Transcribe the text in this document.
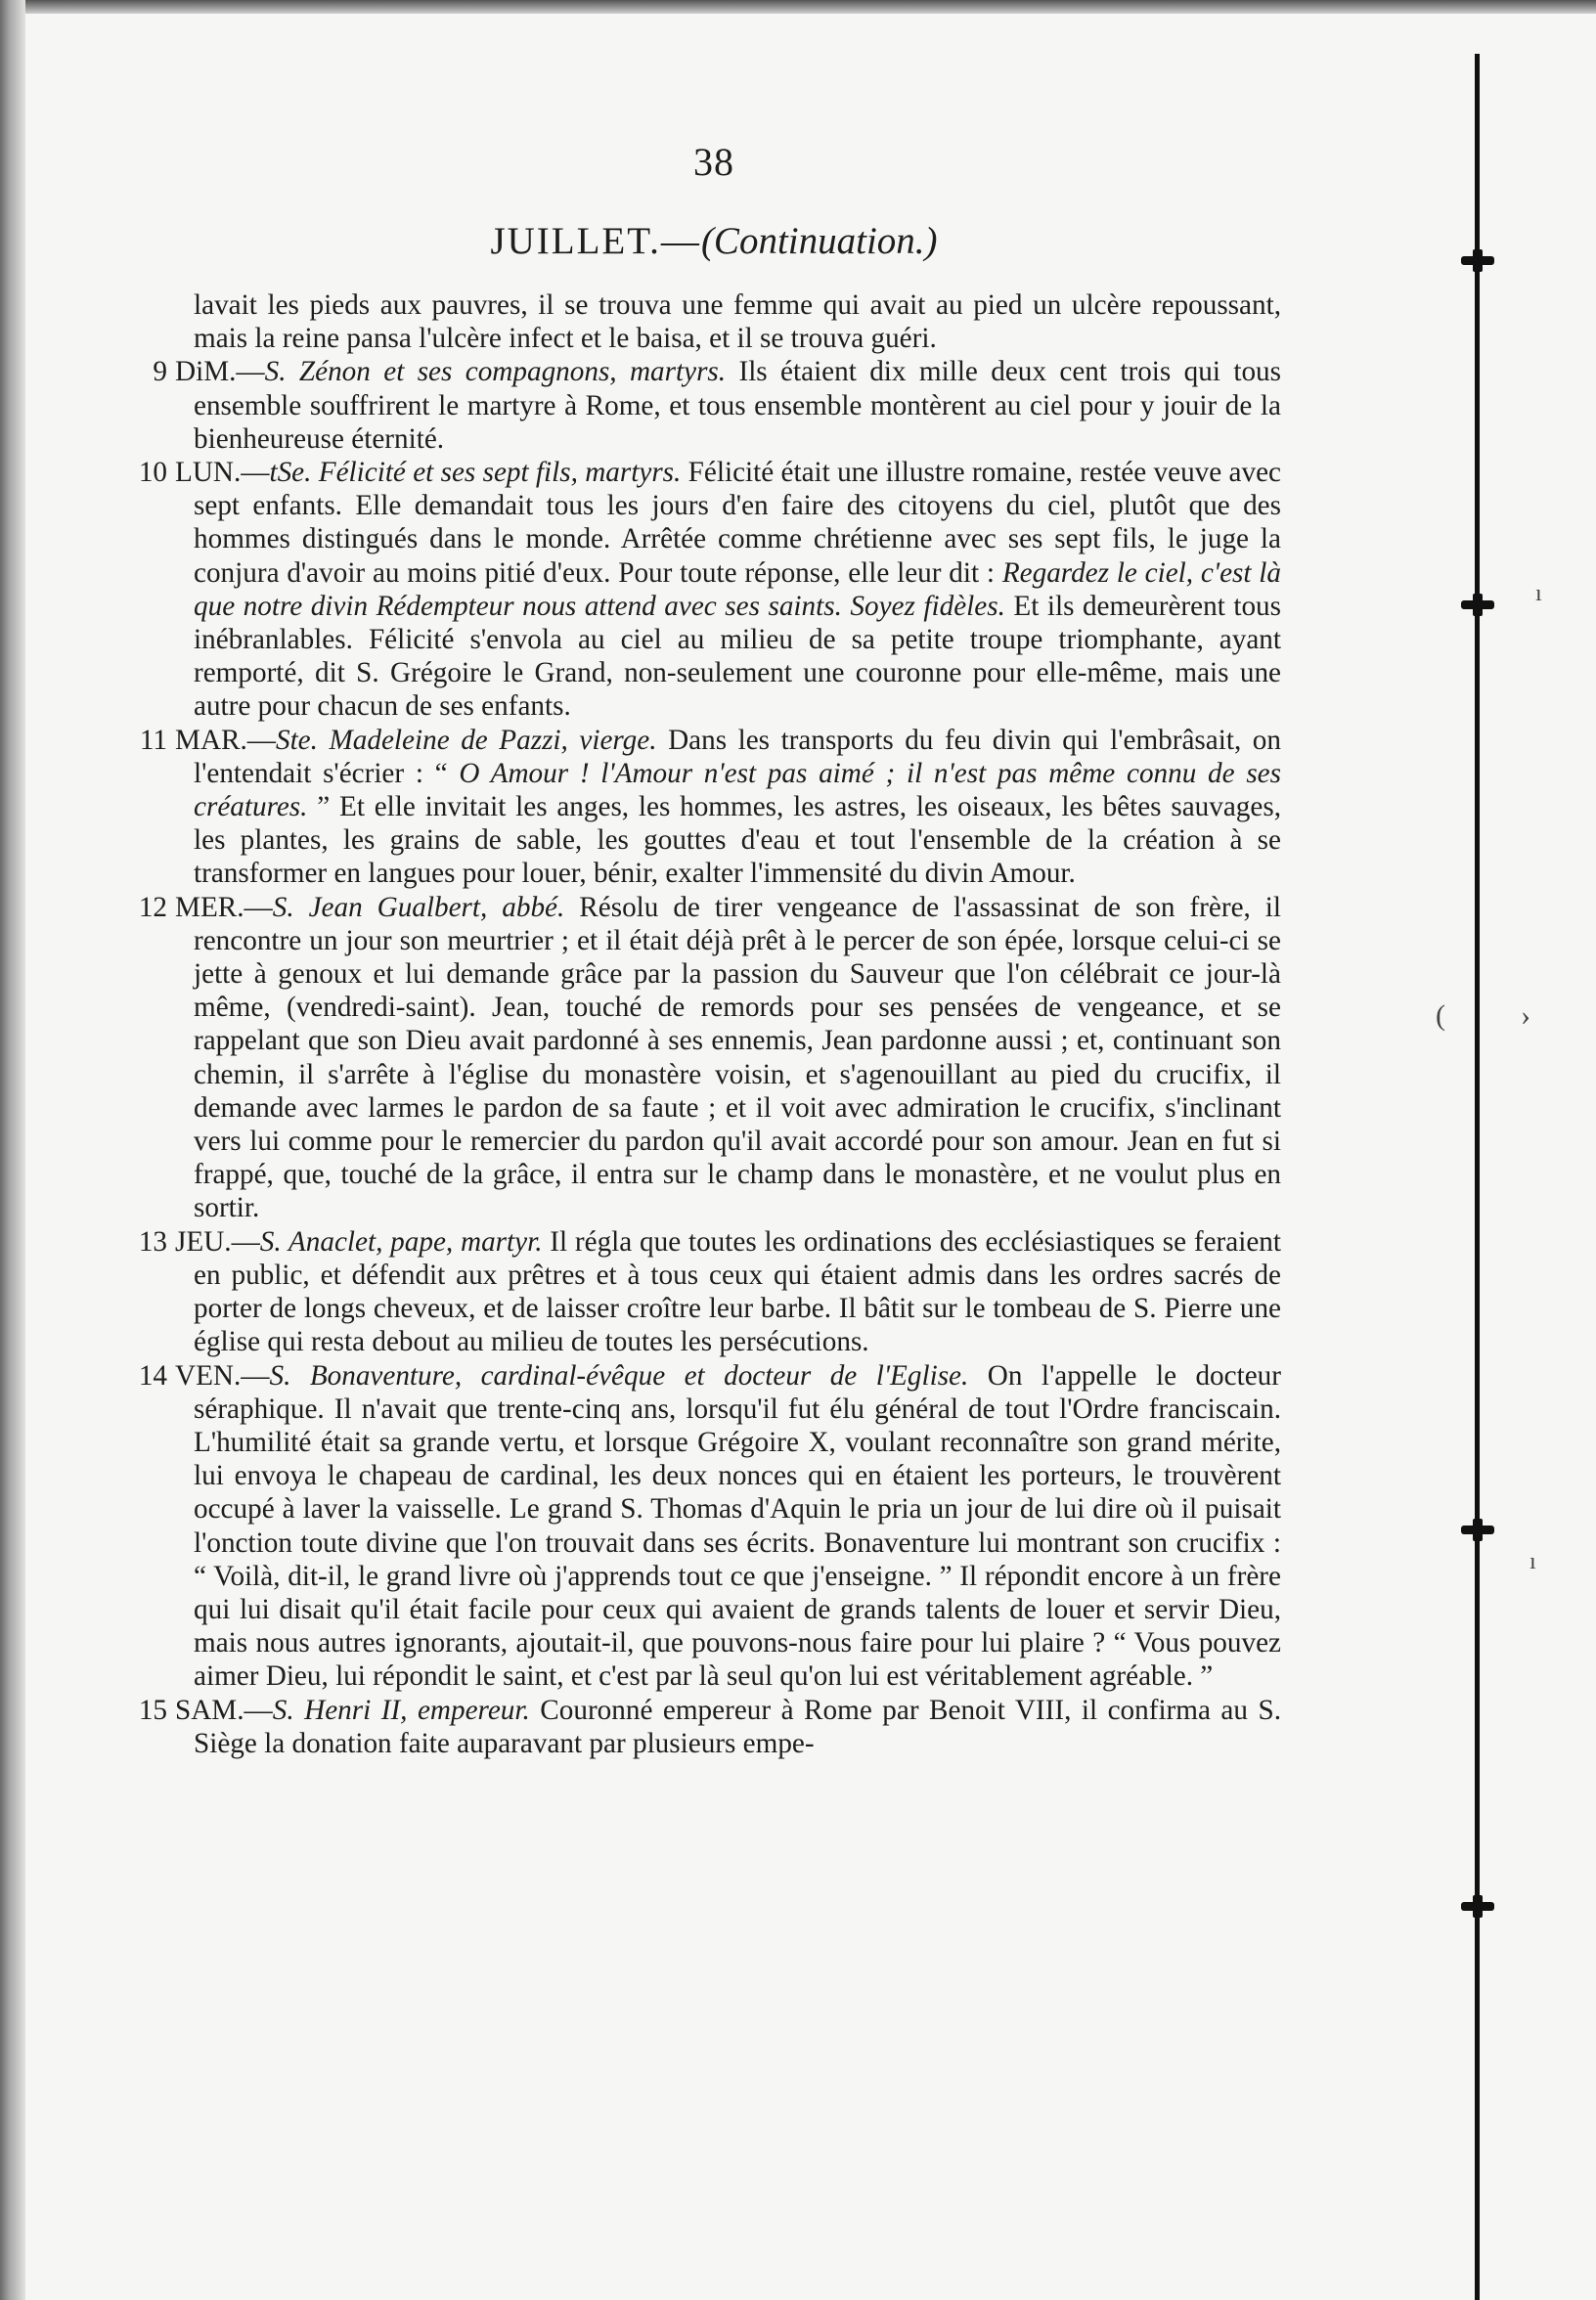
(	›
ı
ı
38
JUILLET.—(Continuation.)

lavait les pieds aux pauvres, il se trouva une femme qui avait au pied un ulcère repoussant, mais la reine pansa l'ulcère infect et le baisa, et il se trouva guéri.

9 DiM.—S. Zénon et ses compagnons, martyrs. Ils étaient dix mille deux cent trois qui tous ensemble souffrirent le martyre à Rome, et tous ensemble montèrent au ciel pour y jouir de la bienheureuse éternité.

10 LUN.—tSe. Félicité et ses sept fils, martyrs. Félicité était une illustre romaine, restée veuve avec sept enfants. Elle demandait tous les jours d'en faire des citoyens du ciel, plutôt que des hommes distingués dans le monde. Arrêtée comme chrétienne avec ses sept fils, le juge la conjura d'avoir au moins pitié d'eux. Pour toute réponse, elle leur dit : Regardez le ciel, c'est là que notre divin Rédempteur nous attend avec ses saints. Soyez fidèles. Et ils demeurèrent tous inébranlables. Félicité s'envola au ciel au milieu de sa petite troupe triomphante, ayant remporté, dit S. Grégoire le Grand, non-seulement une couronne pour elle-même, mais une autre pour chacun de ses enfants.

11 MAR.—Ste. Madeleine de Pazzi, vierge. Dans les transports du feu divin qui l'embrâsait, on l'entendait s'écrier : “ O Amour ! l'Amour n'est pas aimé ; il n'est pas même connu de ses créatures. ” Et elle invitait les anges, les hommes, les astres, les oiseaux, les bêtes sauvages, les plantes, les grains de sable, les gouttes d'eau et tout l'ensemble de la création à se transformer en langues pour louer, bénir, exalter l'immensité du divin Amour.

12 MER.—S. Jean Gualbert, abbé. Résolu de tirer vengeance de l'assassinat de son frère, il rencontre un jour son meurtrier ; et il était déjà prêt à le percer de son épée, lorsque celui-ci se jette à genoux et lui demande grâce par la passion du Sauveur que l'on célébrait ce jour-là même, (vendredi-saint). Jean, touché de remords pour ses pensées de vengeance, et se rappelant que son Dieu avait pardonné à ses ennemis, Jean pardonne aussi ; et, continuant son chemin, il s'arrête à l'église du monastère voisin, et s'agenouillant au pied du crucifix, il demande avec larmes le pardon de sa faute ; et il voit avec admiration le crucifix, s'inclinant vers lui comme pour le remercier du pardon qu'il avait accordé pour son amour. Jean en fut si frappé, que, touché de la grâce, il entra sur le champ dans le monastère, et ne voulut plus en sortir.

13 JEU.—S. Anaclet, pape, martyr. Il régla que toutes les ordinations des ecclésiastiques se feraient en public, et défendit aux prêtres et à tous ceux qui étaient admis dans les ordres sacrés de porter de longs cheveux, et de laisser croître leur barbe. Il bâtit sur le tombeau de S. Pierre une église qui resta debout au milieu de toutes les persécutions.

14 VEN.—S. Bonaventure, cardinal-évêque et docteur de l'Eglise. On l'appelle le docteur séraphique. Il n'avait que trente-cinq ans, lorsqu'il fut élu général de tout l'Ordre franciscain. L'humilité était sa grande vertu, et lorsque Grégoire X, voulant reconnaître son grand mérite, lui envoya le chapeau de cardinal, les deux nonces qui en étaient les porteurs, le trouvèrent occupé à laver la vaisselle. Le grand S. Thomas d'Aquin le pria un jour de lui dire où il puisait l'onction toute divine que l'on trouvait dans ses écrits. Bonaventure lui montrant son crucifix : “ Voilà, dit-il, le grand livre où j'apprends tout ce que j'enseigne. ” Il répondit encore à un frère qui lui disait qu'il était facile pour ceux qui avaient de grands talents de louer et servir Dieu, mais nous autres ignorants, ajoutait-il, que pouvons-nous faire pour lui plaire ? “ Vous pouvez aimer Dieu, lui répondit le saint, et c'est par là seul qu'on lui est véritablement agréable. ”

15 SAM.—S. Henri II, empereur. Couronné empereur à Rome par Benoit VIII, il confirma au S. Siège la donation faite auparavant par plusieurs empe-
